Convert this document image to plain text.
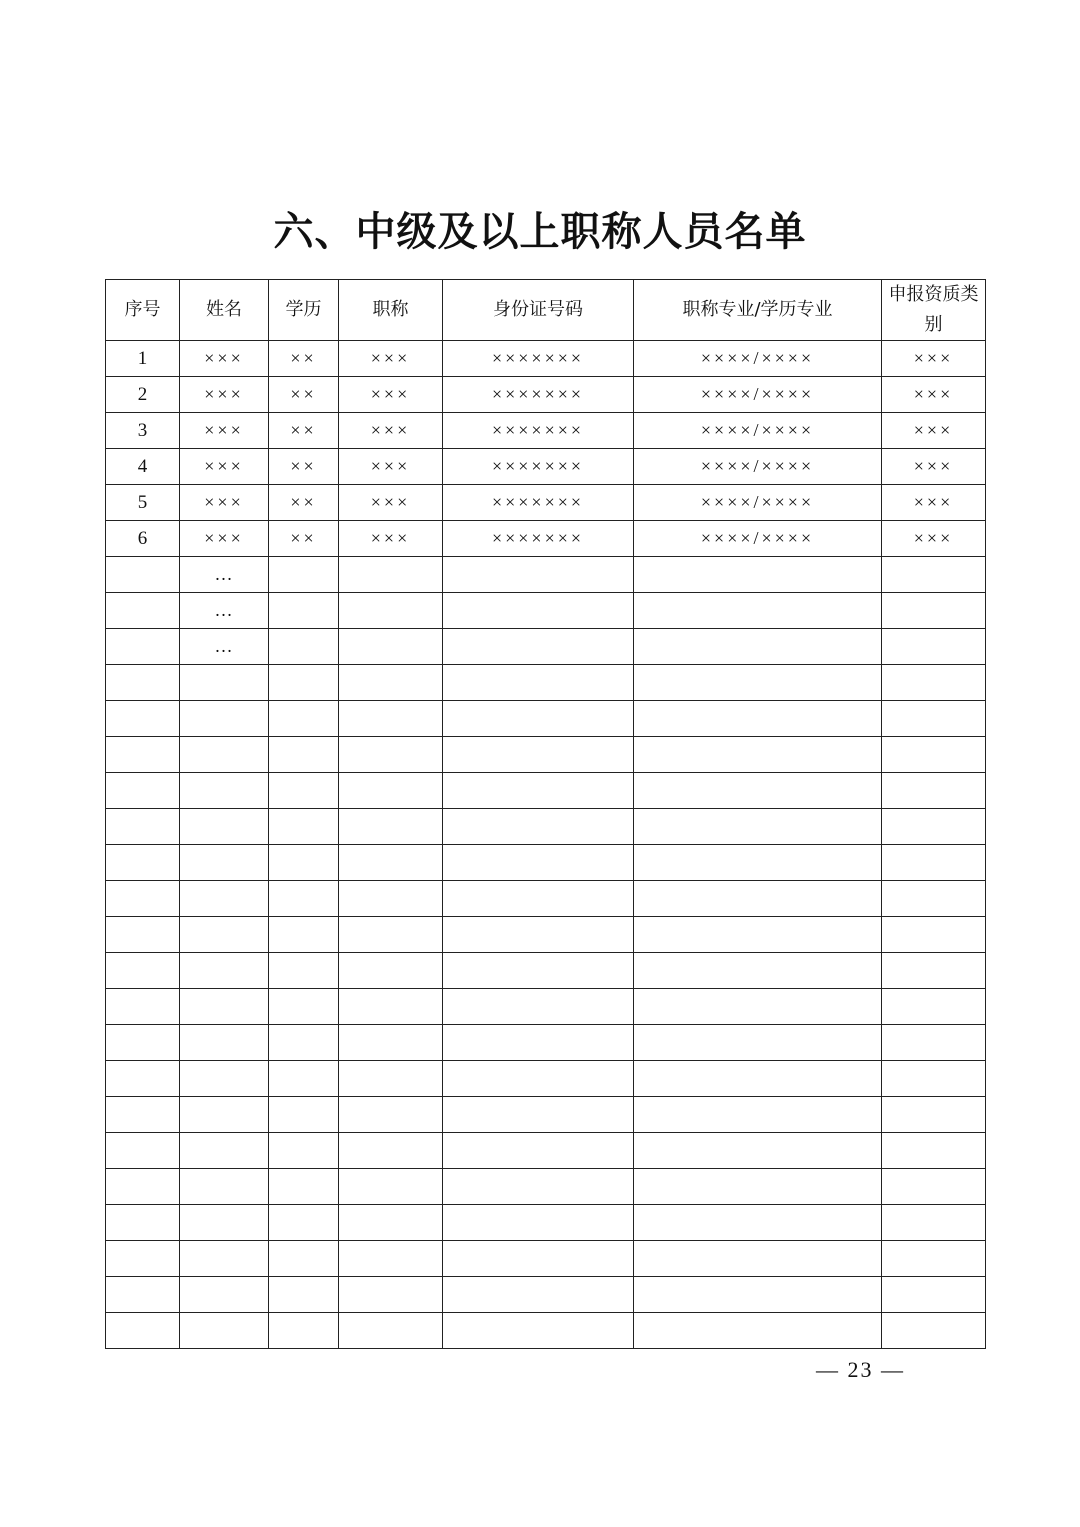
六、中级及以上职称人员名单
序号	姓名	学历	职称	身份证号码	职称专业/学历专业	申报资质类别
1	×××	××	×××	×××××××	××××/××××	×××
2	×××	××	×××	×××××××	××××/××××	×××
3	×××	××	×××	×××××××	××××/××××	×××
4	×××	××	×××	×××××××	××××/××××	×××
5	×××	××	×××	×××××××	××××/××××	×××
6	×××	××	×××	×××××××	××××/××××	×××
	…					
	…					
	…					

— 23 —
